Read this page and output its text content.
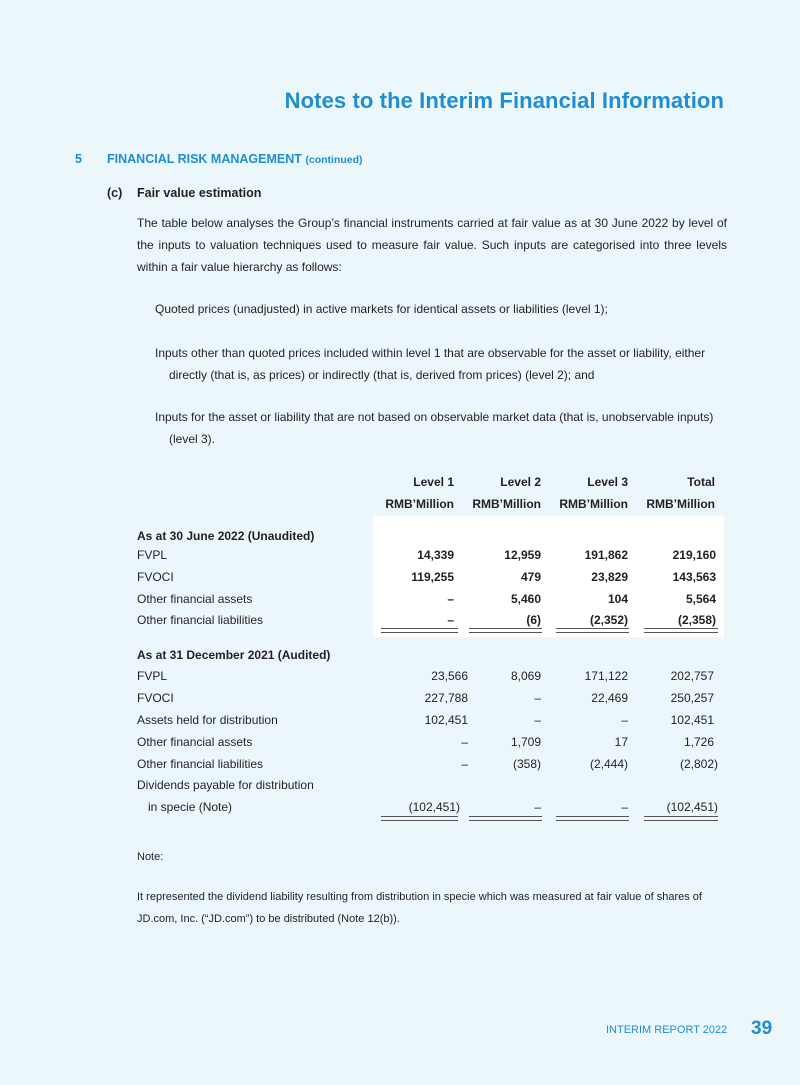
Notes to the Interim Financial Information
5 FINANCIAL RISK MANAGEMENT (continued)
(c) Fair value estimation
The table below analyses the Group’s financial instruments carried at fair value as at 30 June 2022 by level of the inputs to valuation techniques used to measure fair value. Such inputs are categorised into three levels within a fair value hierarchy as follows:
Quoted prices (unadjusted) in active markets for identical assets or liabilities (level 1);
Inputs other than quoted prices included within level 1 that are observable for the asset or liability, either
directly (that is, as prices) or indirectly (that is, derived from prices) (level 2); and
Inputs for the asset or liability that are not based on observable market data (that is, unobservable inputs)
(level 3).
Level 1	Level 2	Level 3	Total
RMB’Million	RMB’Million	RMB’Million	RMB’Million
As at 30 June 2022 (Unaudited)
FVPL	14,339	12,959	191,862	219,160
FVOCI	119,255	479	23,829	143,563
Other financial assets	–	5,460	104	5,564
Other financial liabilities	–	(6)	(2,352)	(2,358)
As at 31 December 2021 (Audited)
FVPL	23,566	8,069	171,122	202,757
FVOCI	227,788	–	22,469	250,257
Assets held for distribution	102,451	–	–	102,451
Other financial assets	–	1,709	17	1,726
Other financial liabilities	–	(358)	(2,444)	(2,802)
Dividends payable for distribution
in specie (Note)	(102,451)	–	–	(102,451)
Note:
It represented the dividend liability resulting from distribution in specie which was measured at fair value of shares of JD.com, Inc. (“JD.com”) to be distributed (Note 12(b)).
INTERIM REPORT 2022 39
